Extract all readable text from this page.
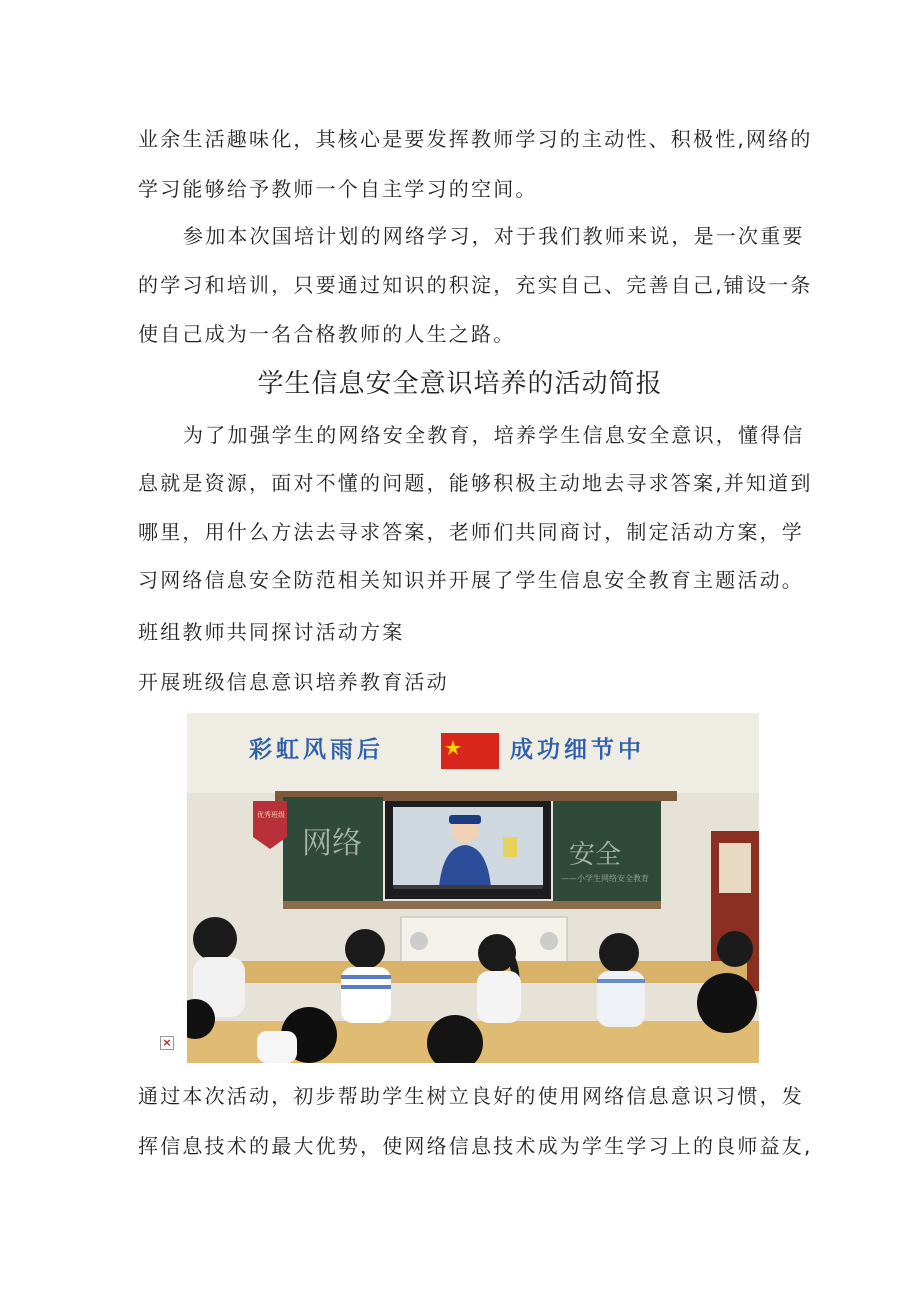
业余生活趣味化，其核心是要发挥教师学习的主动性、积极性,网络的
学习能够给予教师一个自主学习的空间。
参加本次国培计划的网络学习，对于我们教师来说，是一次重要
的学习和培训，只要通过知识的积淀，充实自己、完善自己,铺设一条
使自己成为一名合格教师的人生之路。
学生信息安全意识培养的活动简报
为了加强学生的网络安全教育，培养学生信息安全意识，懂得信
息就是资源，面对不懂的问题，能够积极主动地去寻求答案,并知道到
哪里，用什么方法去寻求答案，老师们共同商讨，制定活动方案，学
习网络信息安全防范相关知识并开展了学生信息安全教育主题活动。
班组教师共同探讨活动方案
开展班级信息意识培养教育活动
彩虹风雨后	成功细节中
网络	安全
——小学生网络安全教育
优秀班级
×
通过本次活动，初步帮助学生树立良好的使用网络信息意识习惯，发
挥信息技术的最大优势，使网络信息技术成为学生学习上的良师益友,
